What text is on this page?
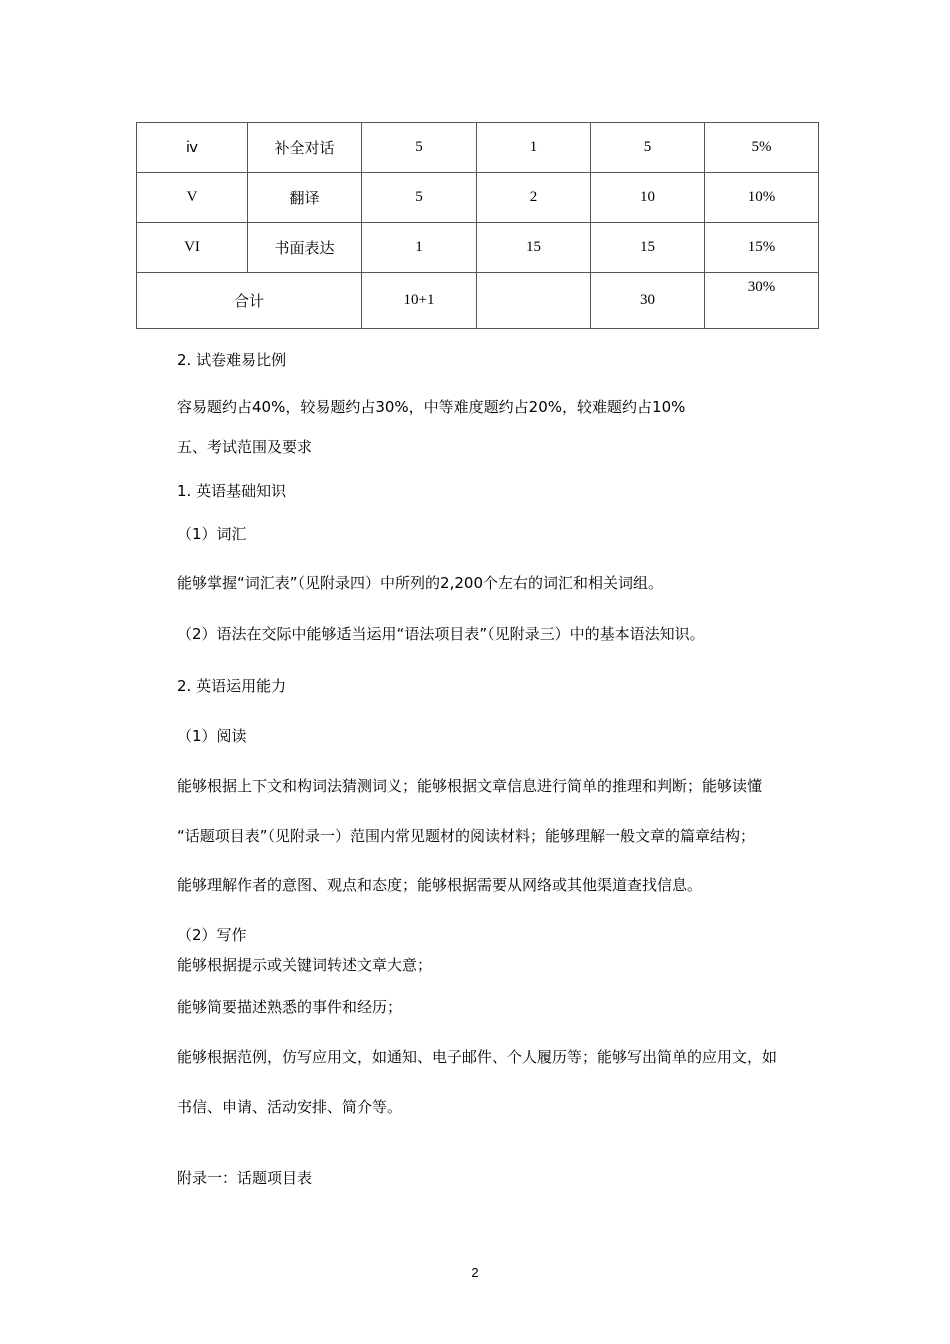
ⅳ	补全对话	5	1	5	5%
V	翻译	5	2	10	10%
VI	书面表达	1	15	15	15%
合计		10+1		30	30%
2. 试卷难易比例
容易题约占40%，较易题约占30%，中等难度题约占20%，较难题约占10%
五、考试范围及要求
1. 英语基础知识
（1）词汇
能够掌握“词汇表”（见附录四）中所列的2,200个左右的词汇和相关词组。
（2）语法在交际中能够适当运用“语法项目表”（见附录三）中的基本语法知识。
2. 英语运用能力
（1）阅读
能够根据上下文和构词法猜测词义；能够根据文章信息进行简单的推理和判断；能够读懂
“话题项目表”（见附录一）范围内常见题材的阅读材料；能够理解一般文章的篇章结构；
能够理解作者的意图、观点和态度；能够根据需要从网络或其他渠道查找信息。
（2）写作
能够根据提示或关键词转述文章大意；
能够简要描述熟悉的事件和经历；
能够根据范例，仿写应用文，如通知、电子邮件、个人履历等；能够写出简单的应用文，如
书信、申请、活动安排、简介等。
附录一：话题项目表
2
